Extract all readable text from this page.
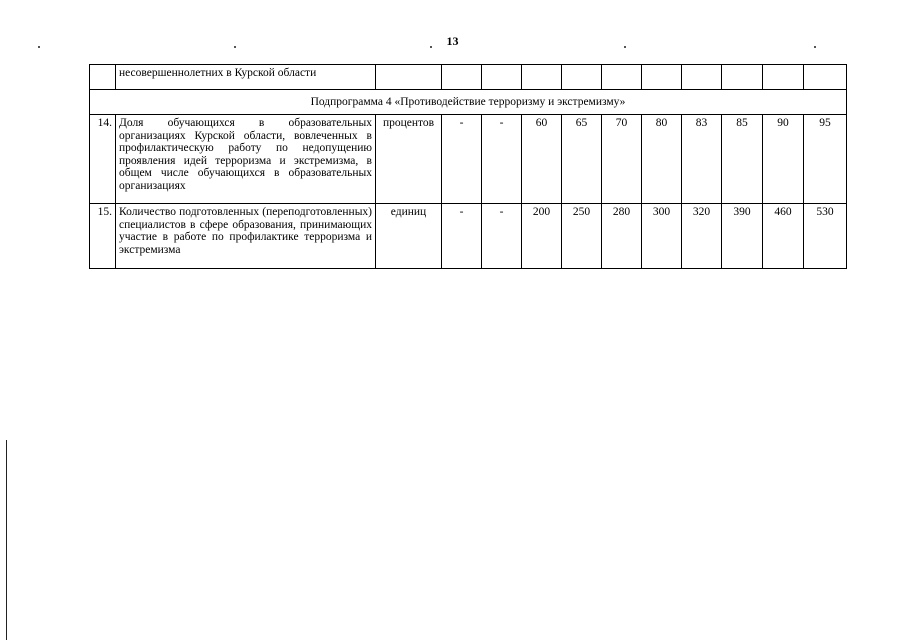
13
	несовершеннолетних в Курской области											
Подпрограмма 4 «Противодействие терроризму и экстремизму»												
14.	Доля обучающихся в образовательных организациях Курской области, вовлеченных в профилактическую работу по недопущению проявления идей терроризма и экстремизма, в общем числе обучающихся в образовательных организациях	процентов	-	-	60	65	70	80	83	85	90	95
15.	Количество подготовленных (переподготовленных) специалистов в сфере образования, принимающих участие в работе по профилактике терроризма и экстремизма	единиц	-	-	200	250	280	300	320	390	460	530
